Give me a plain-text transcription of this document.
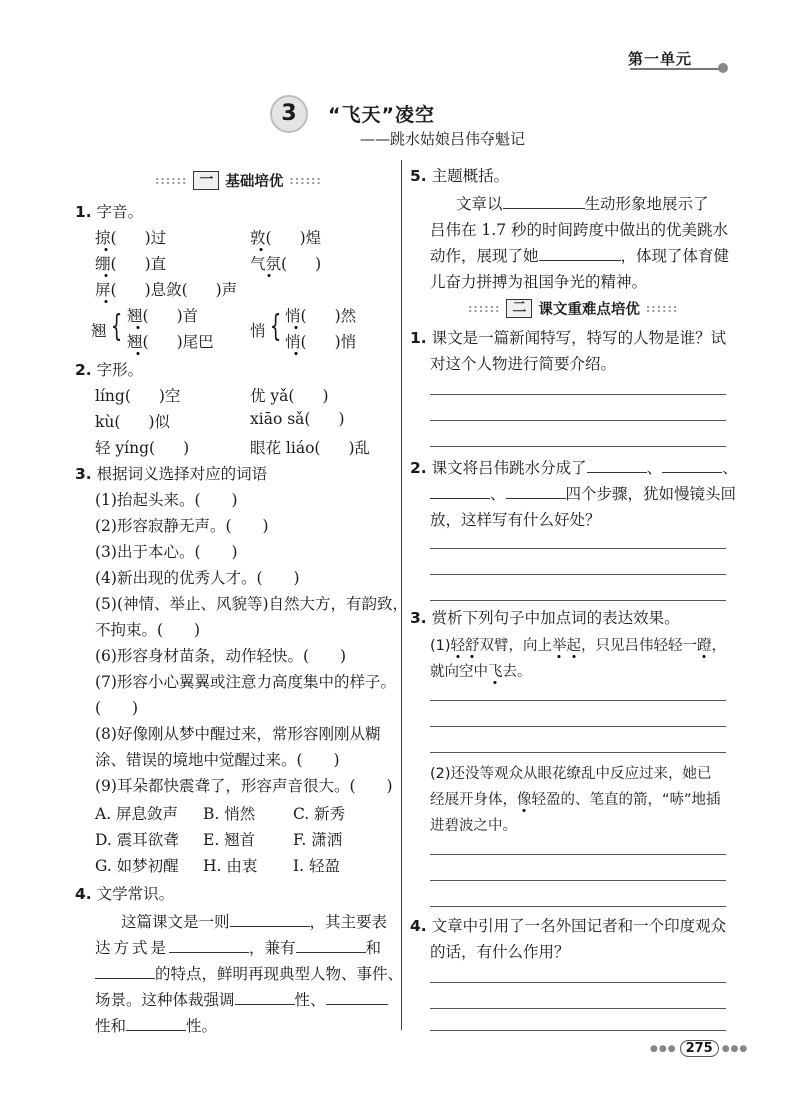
第一单元
3	“飞天”凌空
——跳水姑娘吕伟夺魁记
:::::: 一 基础培优 ::::::
1. 字音。
掠( )过	敦( )煌
绷( )直	气氛( )
屏( )息敛( )声
翘 { 翘( )首
翘( )尾巴
悄 { 悄( )然
悄( )悄
2. 字形。
líng( )空	优 yǎ( )
kù( )似	xiāo sǎ( )
轻 yíng( )	眼花 liáo( )乱
3. 根据词义选择对应的词语
(1)抬起头来。(　　)
(2)形容寂静无声。(　　)
(3)出于本心。(　　)
(4)新出现的优秀人才。(　　)
(5)(神情、举止、风貌等)自然大方，有韵致，
不拘束。(　　)
(6)形容身材苗条，动作轻快。(　　)
(7)形容小心翼翼或注意力高度集中的样子。
(　　)
(8)好像刚从梦中醒过来，常形容刚刚从糊
涂、错误的境地中觉醒过来。(　　)
(9)耳朵都快震聋了，形容声音很大。(　　)
A. 屏息敛声 B. 悄然 C. 新秀
D. 震耳欲聋 E. 翘首 F. 潇洒
G. 如梦初醒 H. 由衷 I. 轻盈
4. 文学常识。
这篇课文是一则	，其主要表
达方式是	，兼有	和
的特点，鲜明再现典型人物、事件、
场景。这种体裁强调	性、
性和	性。
5. 主题概括。
文章以	生动形象地展示了
吕伟在 1.7 秒的时间跨度中做出的优美跳水
动作，展现了她	，体现了体育健
儿奋力拼搏为祖国争光的精神。
:::::: 二 课文重难点培优 ::::::
1. 课文是一篇新闻特写，特写的人物是谁？试
对这个人物进行简要介绍。
2. 课文将吕伟跳水分成了	、	、
、	四个步骤，犹如慢镜头回
放，这样写有什么好处？
3. 赏析下列句子中加点词的表达效果。
(1)轻舒双臂，向上举起，只见吕伟轻轻一蹬，
就向空中飞去。
(2)还没等观众从眼花缭乱中反应过来，她已
经展开身体，像轻盈的、笔直的箭，“哧”地插
进碧波之中。
4. 文章中引用了一名外国记者和一个印度观众
的话，有什么作用？
●●● 275	●●●
